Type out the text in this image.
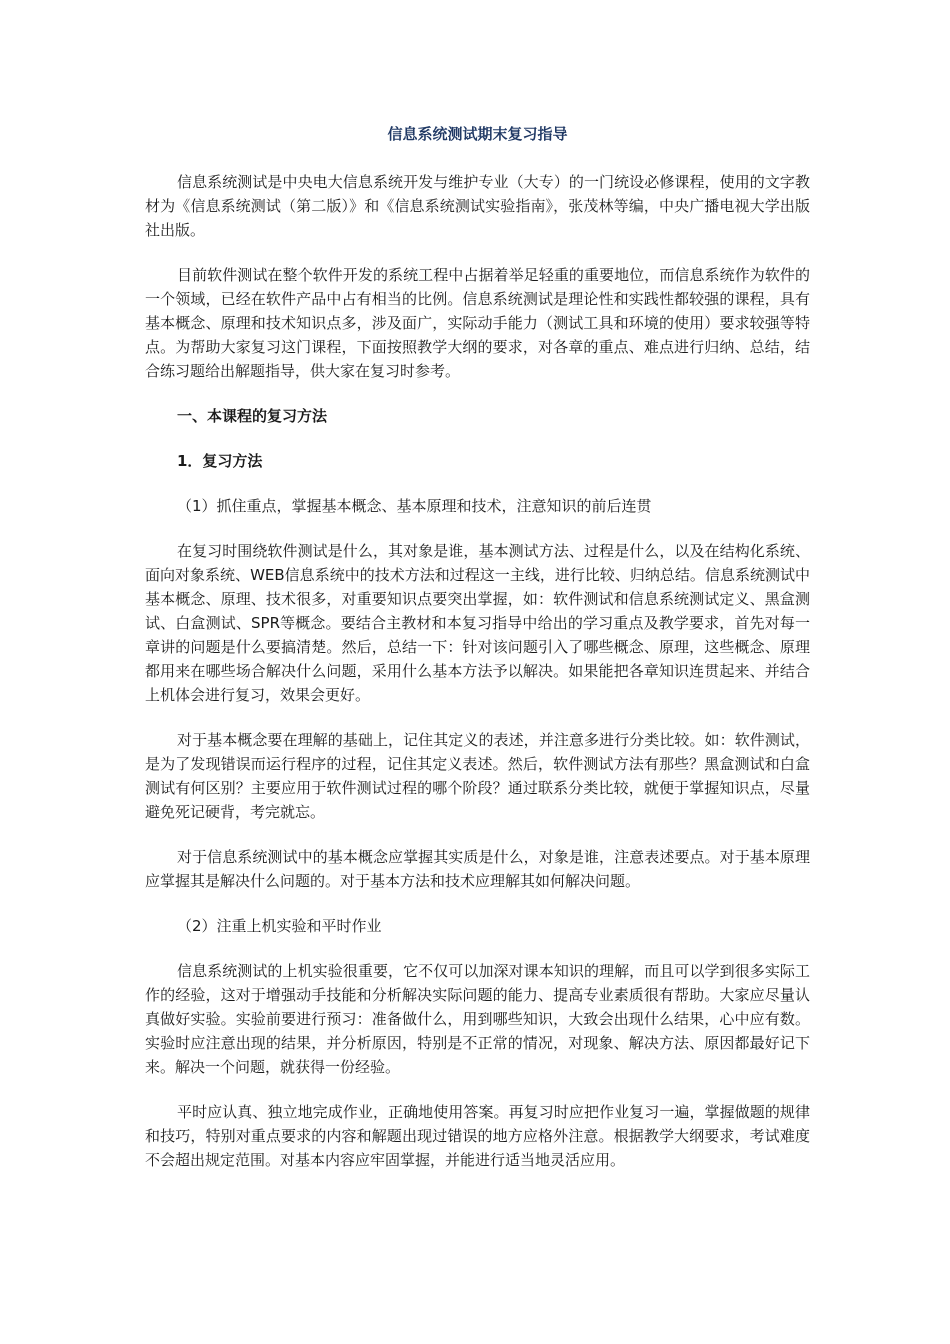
信息系统测试期末复习指导

信息系统测试是中央电大信息系统开发与维护专业（大专）的一门统设必修课程，使用的文字教材为《信息系统测试（第二版）》和《信息系统测试实验指南》，张茂林等编，中央广播电视大学出版社出版。

目前软件测试在整个软件开发的系统工程中占据着举足轻重的重要地位，而信息系统作为软件的一个领域，已经在软件产品中占有相当的比例。信息系统测试是理论性和实践性都较强的课程，具有基本概念、原理和技术知识点多，涉及面广，实际动手能力（测试工具和环境的使用）要求较强等特点。为帮助大家复习这门课程，下面按照教学大纲的要求，对各章的重点、难点进行归纳、总结，结合练习题给出解题指导，供大家在复习时参考。

一、本课程的复习方法
1．复习方法
（1）抓住重点，掌握基本概念、基本原理和技术，注意知识的前后连贯

在复习时围绕软件测试是什么，其对象是谁，基本测试方法、过程是什么，以及在结构化系统、面向对象系统、WEB信息系统中的技术方法和过程这一主线，进行比较、归纳总结。信息系统测试中基本概念、原理、技术很多，对重要知识点要突出掌握，如：软件测试和信息系统测试定义、黑盒测试、白盒测试、SPR等概念。要结合主教材和本复习指导中给出的学习重点及教学要求，首先对每一章讲的问题是什么要搞清楚。然后，总结一下：针对该问题引入了哪些概念、原理，这些概念、原理都用来在哪些场合解决什么问题，采用什么基本方法予以解决。如果能把各章知识连贯起来、并结合上机体会进行复习，效果会更好。

对于基本概念要在理解的基础上，记住其定义的表述，并注意多进行分类比较。如：软件测试，是为了发现错误而运行程序的过程，记住其定义表述。然后，软件测试方法有那些？黑盒测试和白盒测试有何区别？主要应用于软件测试过程的哪个阶段？通过联系分类比较，就便于掌握知识点，尽量避免死记硬背，考完就忘。

对于信息系统测试中的基本概念应掌握其实质是什么，对象是谁，注意表述要点。对于基本原理应掌握其是解决什么问题的。对于基本方法和技术应理解其如何解决问题。

（2）注重上机实验和平时作业

信息系统测试的上机实验很重要，它不仅可以加深对课本知识的理解，而且可以学到很多实际工作的经验，这对于增强动手技能和分析解决实际问题的能力、提高专业素质很有帮助。大家应尽量认真做好实验。实验前要进行预习：准备做什么，用到哪些知识，大致会出现什么结果，心中应有数。实验时应注意出现的结果，并分析原因，特别是不正常的情况，对现象、解决方法、原因都最好记下来。解决一个问题，就获得一份经验。

平时应认真、独立地完成作业，正确地使用答案。再复习时应把作业复习一遍，掌握做题的规律和技巧，特别对重点要求的内容和解题出现过错误的地方应格外注意。根据教学大纲要求，考试难度不会超出规定范围。对基本内容应牢固掌握，并能进行适当地灵活应用。
